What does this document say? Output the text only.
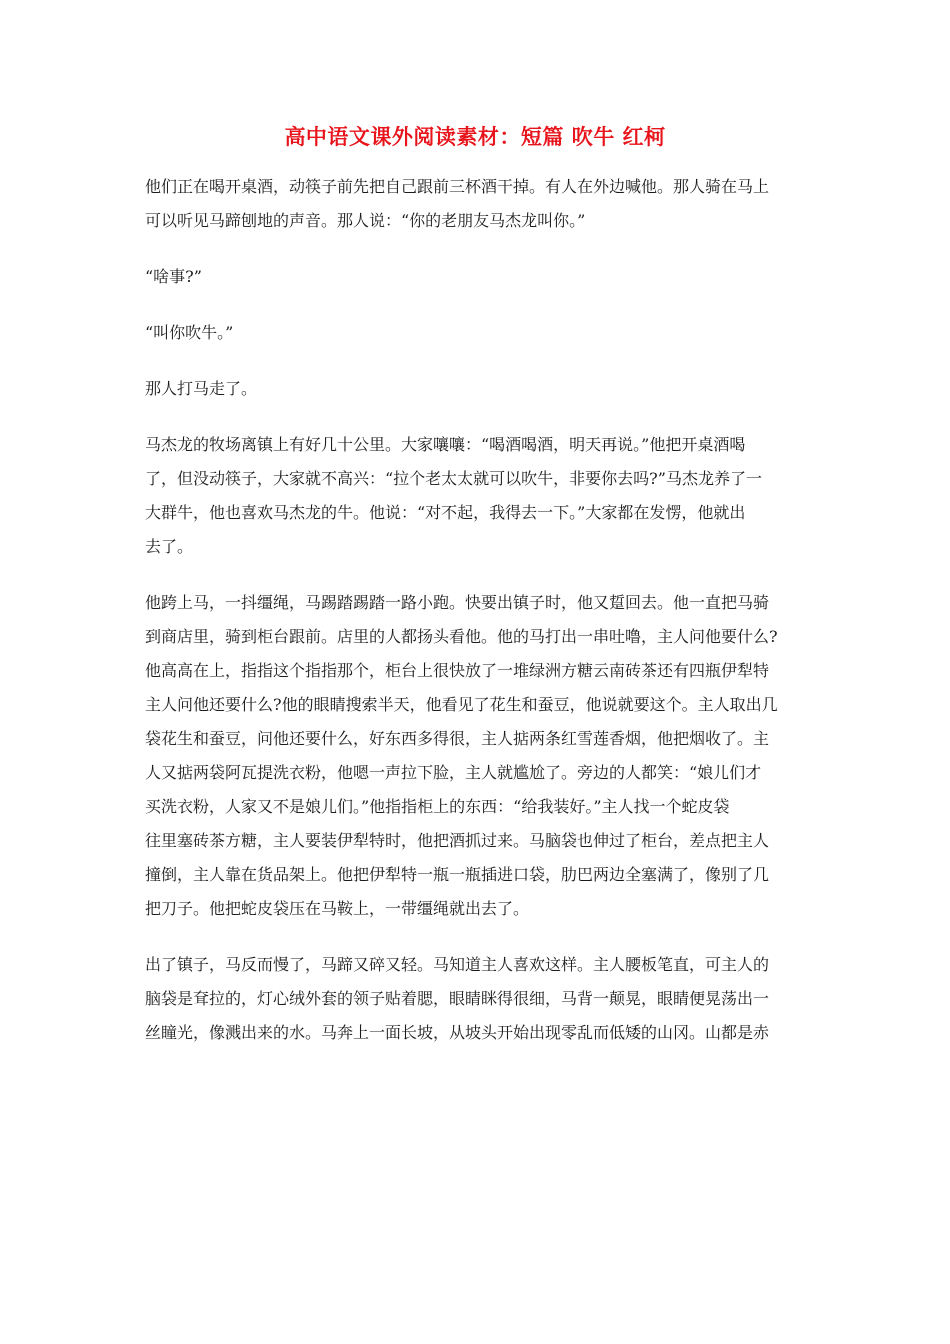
高中语文课外阅读素材：短篇 吹牛 红柯

他们正在喝开桌酒，动筷子前先把自己跟前三杯酒干掉。有人在外边喊他。那人骑在马上
可以听见马蹄刨地的声音。那人说：“你的老朋友马杰龙叫你。”

“啥事?”

“叫你吹牛。”

那人打马走了。

马杰龙的牧场离镇上有好几十公里。大家嚷嚷：“喝酒喝酒，明天再说。”他把开桌酒喝
了，但没动筷子，大家就不高兴：“拉个老太太就可以吹牛，非要你去吗?”马杰龙养了一
大群牛，他也喜欢马杰龙的牛。他说：“对不起，我得去一下。”大家都在发愣，他就出
去了。

他跨上马，一抖缰绳，马踢踏踢踏一路小跑。快要出镇子时，他又踅回去。他一直把马骑
到商店里，骑到柜台跟前。店里的人都扬头看他。他的马打出一串吐噜，主人问他要什么?
他高高在上，指指这个指指那个，柜台上很快放了一堆绿洲方糖云南砖茶还有四瓶伊犁特
主人问他还要什么?他的眼睛搜索半天，他看见了花生和蚕豆，他说就要这个。主人取出几
袋花生和蚕豆，问他还要什么，好东西多得很，主人掂两条红雪莲香烟，他把烟收了。主
人又掂两袋阿瓦提洗衣粉，他嗯一声拉下脸，主人就尴尬了。旁边的人都笑：“娘儿们才
买洗衣粉，人家又不是娘儿们。”他指指柜上的东西：“给我装好。”主人找一个蛇皮袋
往里塞砖茶方糖，主人要装伊犁特时，他把酒抓过来。马脑袋也伸过了柜台，差点把主人
撞倒，主人靠在货品架上。他把伊犁特一瓶一瓶插进口袋，肋巴两边全塞满了，像别了几
把刀子。他把蛇皮袋压在马鞍上，一带缰绳就出去了。

出了镇子，马反而慢了，马蹄又碎又轻。马知道主人喜欢这样。主人腰板笔直，可主人的
脑袋是耷拉的，灯心绒外套的领子贴着腮，眼睛眯得很细，马背一颠晃，眼睛便晃荡出一
丝瞳光，像溅出来的水。马奔上一面长坡，从坡头开始出现零乱而低矮的山冈。山都是赤
